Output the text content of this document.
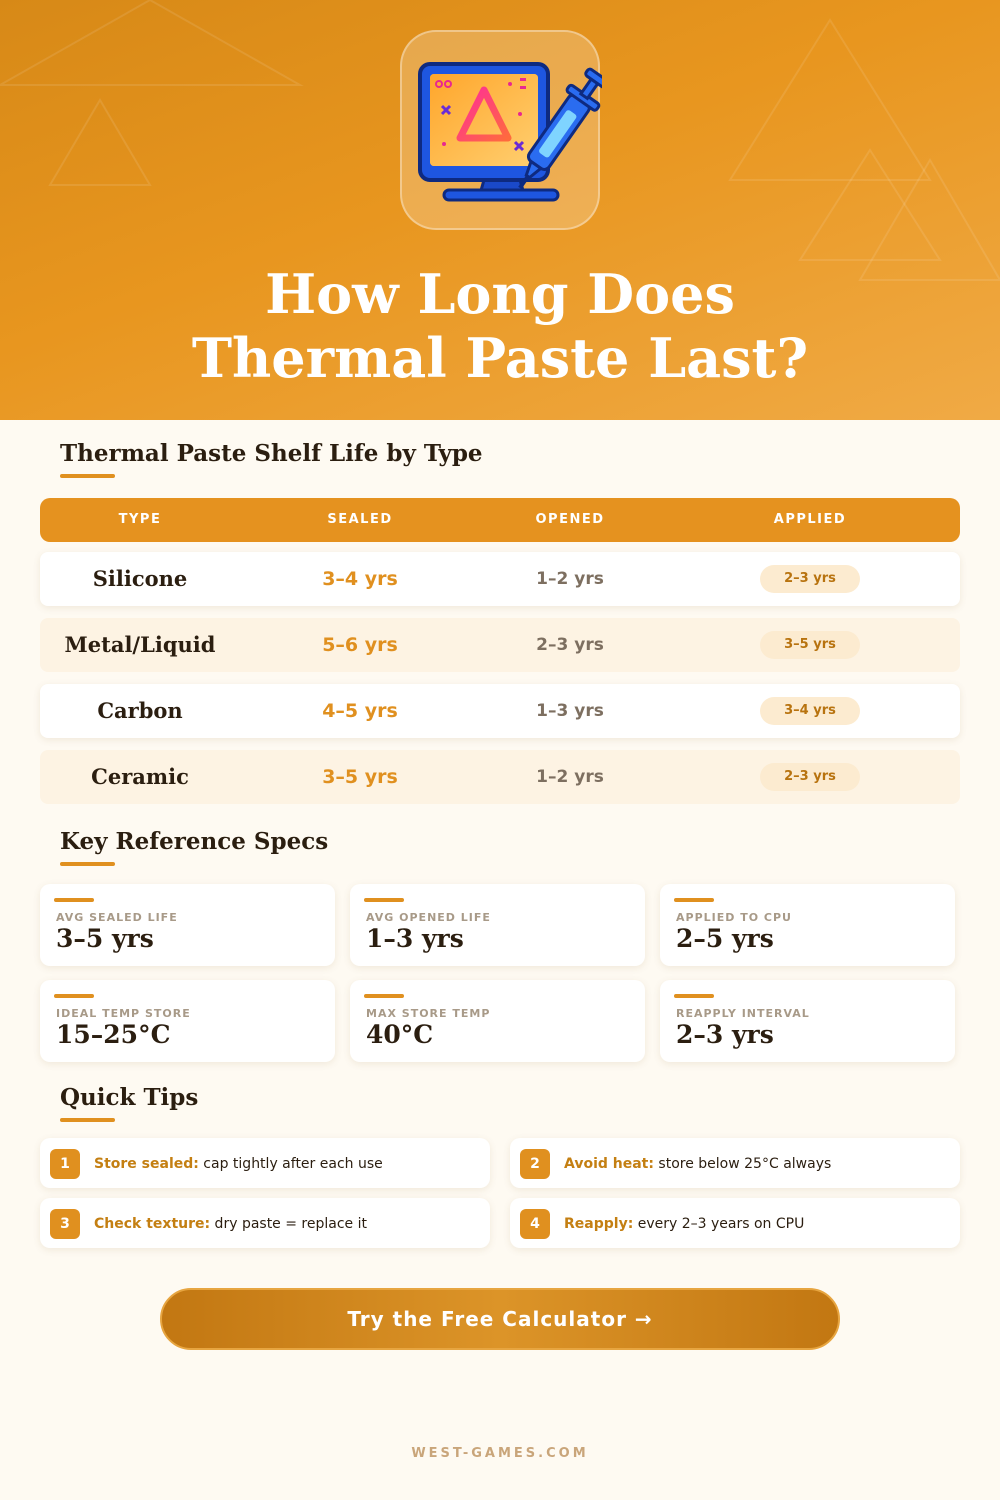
How Long Does
Thermal Paste Last?
Thermal Paste Shelf Life by Type
TYPE	SEALED	OPENED	APPLIED
Silicone	3–4 yrs	1–2 yrs	2–3 yrs
Metal/Liquid	5–6 yrs	2–3 yrs	3–5 yrs
Carbon	4–5 yrs	1–3 yrs	3–4 yrs
Ceramic	3–5 yrs	1–2 yrs	2–3 yrs
Key Reference Specs
AVG SEALED LIFE
3–5 yrs
AVG OPENED LIFE
1–3 yrs
APPLIED TO CPU
2–5 yrs
IDEAL TEMP STORE
15–25°C
MAX STORE TEMP
40°C
REAPPLY INTERVAL
2–3 yrs
Quick Tips
1	Store sealed: cap tightly after each use	2	Avoid heat: store below 25°C always
3	Check texture: dry paste = replace it	4	Reapply: every 2–3 years on CPU
Try the Free Calculator →
WEST-GAMES.COM
